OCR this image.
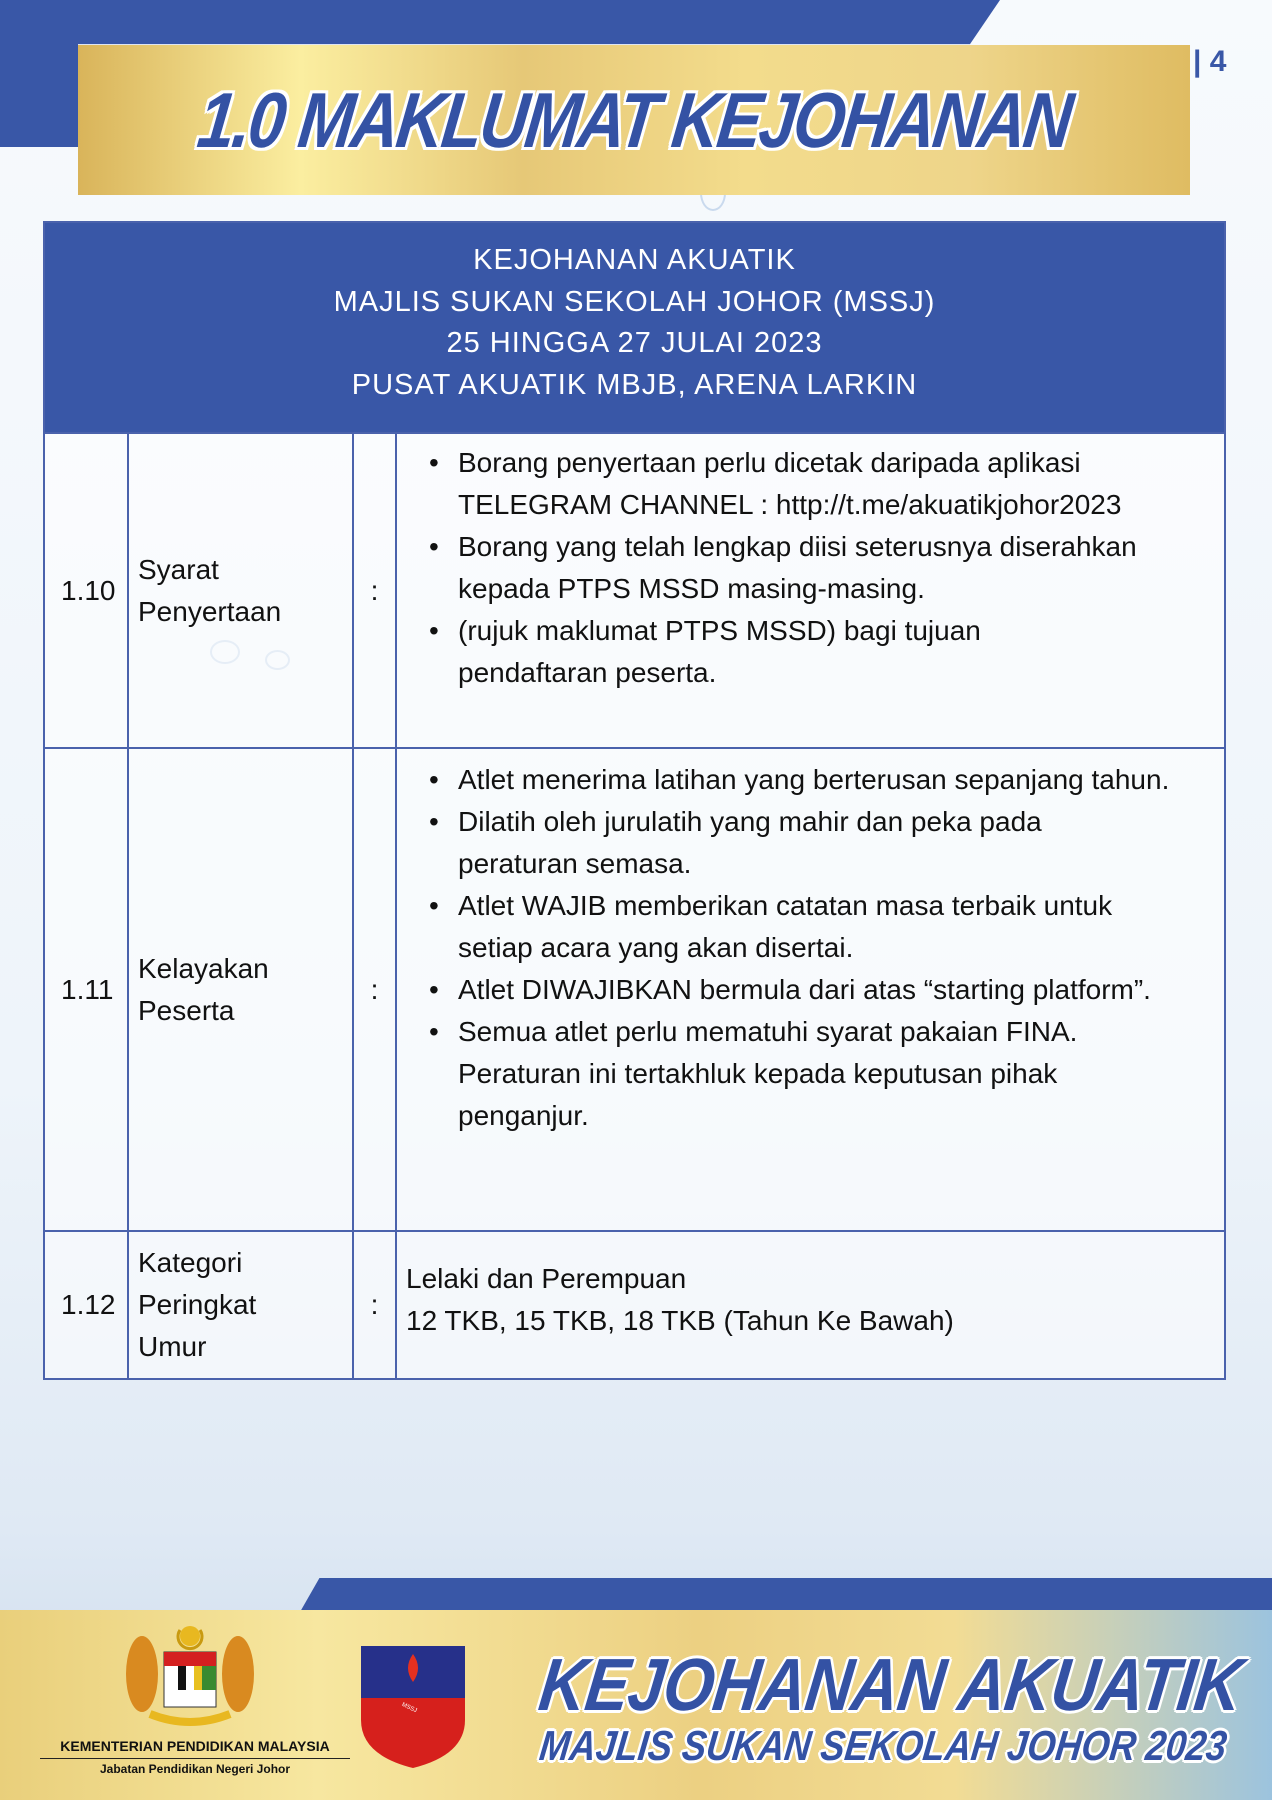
1.0 MAKLUMAT KEJOHANAN
| 4
KEJOHANAN AKUATIK
MAJLIS SUKAN SEKOLAH JOHOR (MSSJ)
25 HINGGA 27 JULAI 2023
PUSAT AKUATIK MBJB, ARENA LARKIN
1.10
Syarat Penyertaan
:
• Borang penyertaan perlu dicetak daripada aplikasi TELEGRAM CHANNEL : http://t.me/akuatikjohor2023
• Borang yang telah lengkap diisi seterusnya diserahkan kepada PTPS MSSD masing-masing.
• (rujuk maklumat PTPS MSSD) bagi tujuan pendaftaran peserta.
1.11
Kelayakan Peserta
:
• Atlet menerima latihan yang berterusan sepanjang tahun.
• Dilatih oleh jurulatih yang mahir dan peka pada peraturan semasa.
• Atlet WAJIB memberikan catatan masa terbaik untuk setiap acara yang akan disertai.
• Atlet DIWAJIBKAN bermula dari atas “starting platform”.
• Semua atlet perlu mematuhi syarat pakaian FINA. Peraturan ini tertakhluk kepada keputusan pihak penganjur.
1.12
Kategori Peringkat Umur
:
Lelaki dan Perempuan
12 TKB, 15 TKB, 18 TKB (Tahun Ke Bawah)
KEMENTERIAN PENDIDIKAN MALAYSIA
Jabatan Pendidikan Negeri Johor
MSSJ KEJOHANAN AKUATIK
MAJLIS SUKAN SEKOLAH JOHOR 2023
